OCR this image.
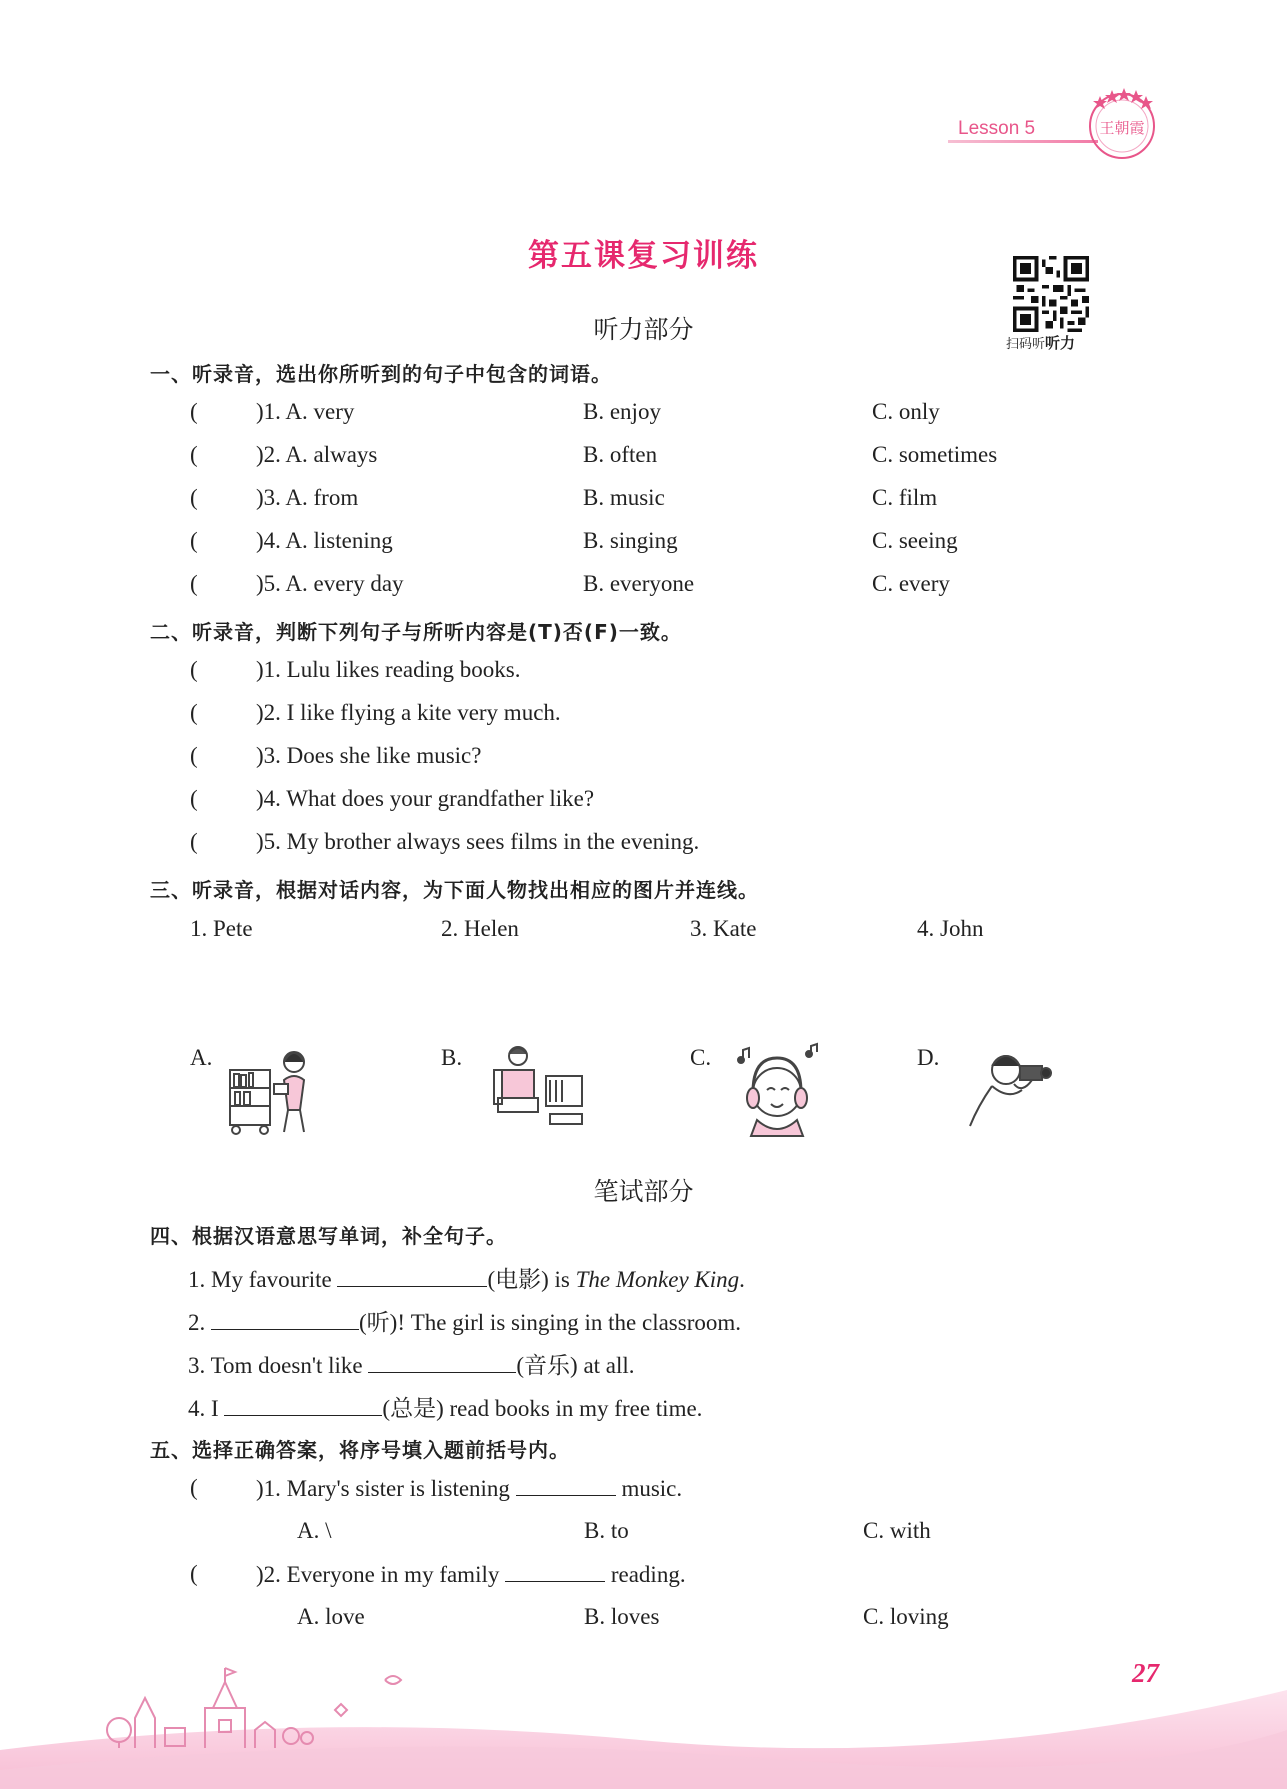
Lesson 5	王朝霞
第五课复习训练
扫码听听力
听力部分
一、听录音，选出你所听到的句子中包含的词语。
(	)1. A. very	B. enjoy	C. only
(	)2. A. always	B. often	C. sometimes
(	)3. A. from	B. music	C. film
(	)4. A. listening	B. singing	C. seeing
(	)5. A. every day	B. everyone	C. every
二、听录音，判断下列句子与所听内容是(T)否(F)一致。
(	)1. Lulu likes reading books.
(	)2. I like flying a kite very much.
(	)3. Does she like music?
(	)4. What does your grandfather like?
(	)5. My brother always sees films in the evening.
三、听录音，根据对话内容，为下面人物找出相应的图片并连线。
1. Pete	2. Helen	3. Kate	4. John
A.	B.	C.	D.
笔试部分
四、根据汉语意思写单词，补全句子。
1. My favourite	(电影) is The Monkey King.
2.	(听)! The girl is singing in the classroom.
3. Tom doesn't like	(音乐) at all.
4. I	(总是) read books in my free time.
五、选择正确答案，将序号填入题前括号内。
(	)1. Mary's sister is listening	music.
A. \	B. to	C. with
(	)2. Everyone in my family	reading.
A. love	B. loves	C. loving
27
